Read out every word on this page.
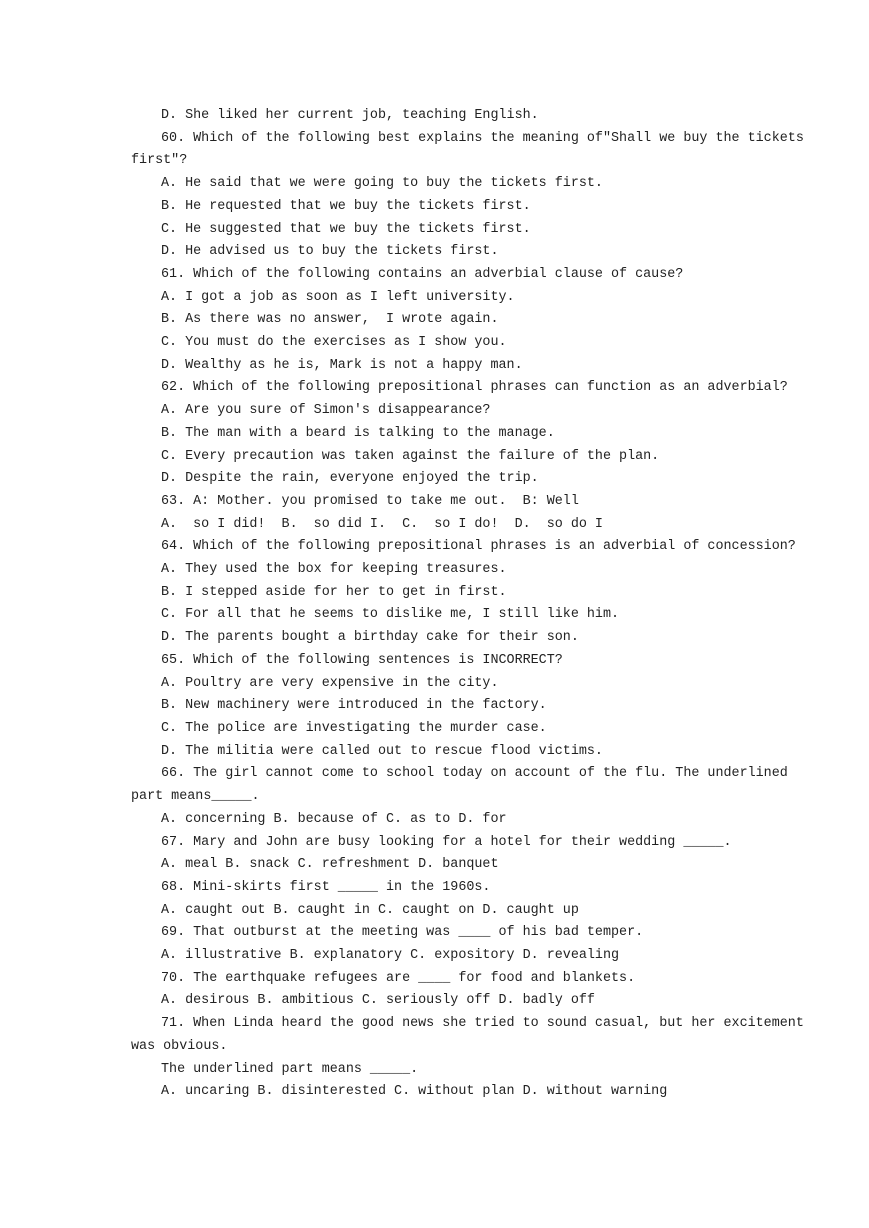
D. She liked her current job, teaching English.
60. Which of the following best explains the meaning of"Shall we buy the tickets
first"?
A. He said that we were going to buy the tickets first.
B. He requested that we buy the tickets first.
C. He suggested that we buy the tickets first.
D. He advised us to buy the tickets first.
61. Which of the following contains an adverbial clause of cause?
A. I got a job as soon as I left university.
B. As there was no answer,  I wrote again.
C. You must do the exercises as I show you.
D. Wealthy as he is, Mark is not a happy man.
62. Which of the following prepositional phrases can function as an adverbial?
A. Are you sure of Simon's disappearance?
B. The man with a beard is talking to the manage.
C. Every precaution was taken against the failure of the plan.
D. Despite the rain, everyone enjoyed the trip.
63. A: Mother. you promised to take me out.  B: Well
A.  so I did!  B.  so did I.  C.  so I do!  D.  so do I
64. Which of the following prepositional phrases is an adverbial of concession?
A. They used the box for keeping treasures.
B. I stepped aside for her to get in first.
C. For all that he seems to dislike me, I still like him.
D. The parents bought a birthday cake for their son.
65. Which of the following sentences is INCORRECT?
A. Poultry are very expensive in the city.
B. New machinery were introduced in the factory.
C. The police are investigating the murder case.
D. The militia were called out to rescue flood victims.
66. The girl cannot come to school today on account of the flu. The underlined
part means_____.
A. concerning B. because of C. as to D. for
67. Mary and John are busy looking for a hotel for their wedding _____.
A. meal B. snack C. refreshment D. banquet
68. Mini-skirts first _____ in the 1960s.
A. caught out B. caught in C. caught on D. caught up
69. That outburst at the meeting was ____ of his bad temper.
A. illustrative B. explanatory C. expository D. revealing
70. The earthquake refugees are ____ for food and blankets.
A. desirous B. ambitious C. seriously off D. badly off
71. When Linda heard the good news she tried to sound casual, but her excitement
was obvious.
The underlined part means _____.
A. uncaring B. disinterested C. without plan D. without warning
